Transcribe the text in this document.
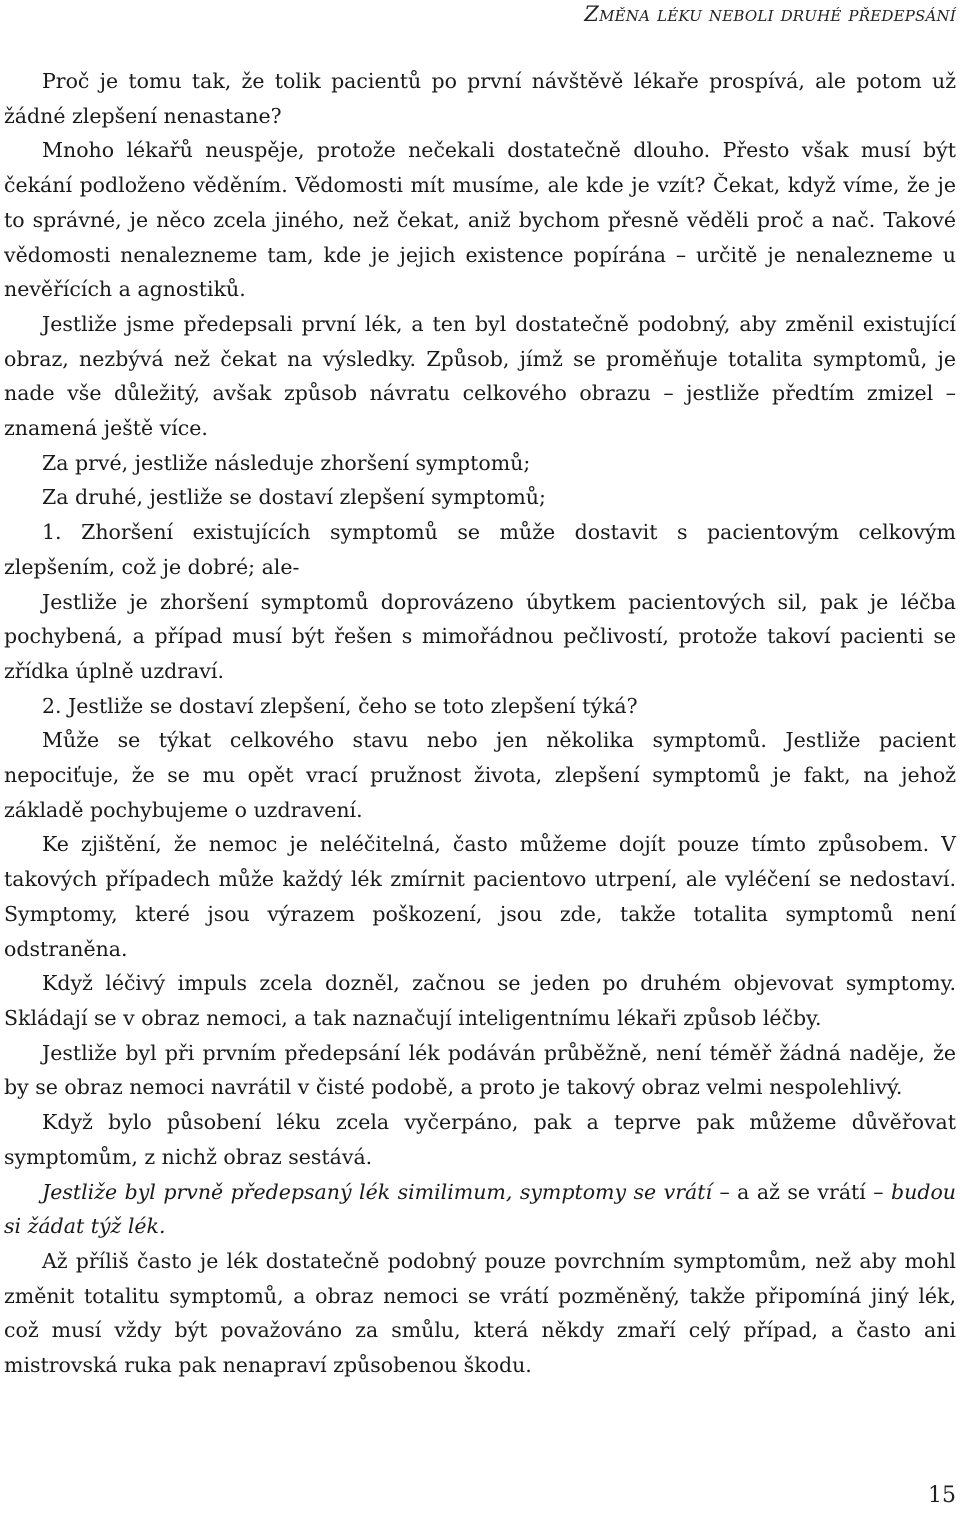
Změna léku neboli druhé předepsání

Proč je tomu tak, že tolik pacientů po první návštěvě lékaře prospívá, ale potom už žádné zlepšení nenastane?

Mnoho lékařů neuspěje, protože nečekali dostatečně dlouho. Přesto však musí být čekání podloženo věděním. Vědomosti mít musíme, ale kde je vzít? Čekat, když víme, že je to správné, je něco zcela jiného, než čekat, aniž bychom přesně věděli proč a nač. Takové vědomosti nenalezneme tam, kde je jejich existence popírána – určitě je nenalezneme u nevěřících a agnostiků.

Jestliže jsme předepsali první lék, a ten byl dostatečně podobný, aby změnil existující obraz, nezbývá než čekat na výsledky. Způsob, jímž se proměňuje totalita symptomů, je nade vše důležitý, avšak způsob návratu celkového obrazu – jestliže předtím zmizel – znamená ještě více.

Za prvé, jestliže následuje zhoršení symptomů;

Za druhé, jestliže se dostaví zlepšení symptomů;

1. Zhoršení existujících symptomů se může dostavit s pacientovým celkovým zlepšením, což je dobré; ale-

Jestliže je zhoršení symptomů doprovázeno úbytkem pacientových sil, pak je léčba pochybená, a případ musí být řešen s mimořádnou pečlivostí, protože takoví pacienti se zřídka úplně uzdraví.

2. Jestliže se dostaví zlepšení, čeho se toto zlepšení týká?

Může se týkat celkového stavu nebo jen několika symptomů. Jestliže pacient nepociťuje, že se mu opět vrací pružnost života, zlepšení symptomů je fakt, na jehož základě pochybujeme o uzdravení.

Ke zjištění, že nemoc je neléčitelná, často můžeme dojít pouze tímto způsobem. V takových případech může každý lék zmírnit pacientovo utrpení, ale vyléčení se nedostaví. Symptomy, které jsou výrazem poškození, jsou zde, takže totalita symptomů není odstraněna.

Když léčivý impuls zcela dozněl, začnou se jeden po druhém objevovat symptomy. Skládají se v obraz nemoci, a tak naznačují inteligentnímu lékaři způsob léčby.

Jestliže byl při prvním předepsání lék podáván průběžně, není téměř žádná naděje, že by se obraz nemoci navrátil v čisté podobě, a proto je takový obraz velmi nespolehlivý.

Když bylo působení léku zcela vyčerpáno, pak a teprve pak můžeme důvěřovat symptomům, z nichž obraz sestává.

Jestliže byl prvně předepsaný lék similimum, symptomy se vrátí – a až se vrátí – budou si žádat týž lék.

Až příliš často je lék dostatečně podobný pouze povrchním symptomům, než aby mohl změnit totalitu symptomů, a obraz nemoci se vrátí pozměněný, takže připomíná jiný lék, což musí vždy být považováno za smůlu, která někdy zmaří celý případ, a často ani mistrovská ruka pak nenapraví způsobenou škodu.

15
